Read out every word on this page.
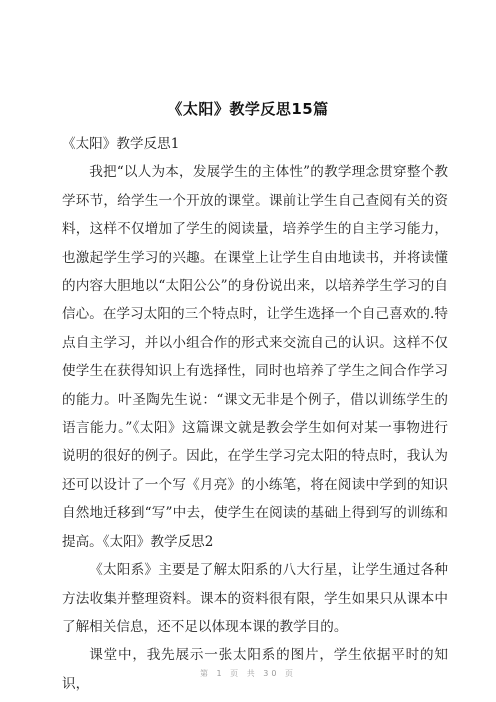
《太阳》教学反思15篇

《太阳》教学反思1

我把“以人为本，发展学生的主体性”的教学理念贯穿整个教学环节，给学生一个开放的课堂。课前让学生自己查阅有关的资料，这样不仅增加了学生的阅读量，培养学生的自主学习能力，也激起学生学习的兴趣。在课堂上让学生自由地读书，并将读懂的内容大胆地以“太阳公公”的身份说出来，以培养学生学习的自信心。在学习太阳的三个特点时，让学生选择一个自己喜欢的.特点自主学习，并以小组合作的形式来交流自己的认识。这样不仅使学生在获得知识上有选择性，同时也培养了学生之间合作学习的能力。叶圣陶先生说：“课文无非是个例子，借以训练学生的语言能力。”《太阳》这篇课文就是教会学生如何对某一事物进行说明的很好的例子。因此，在学生学习完太阳的特点时，我认为还可以设计了一个写《月亮》的小练笔，将在阅读中学到的知识自然地迁移到“写”中去，使学生在阅读的基础上得到写的训练和提高。《太阳》教学反思2

《太阳系》主要是了解太阳系的八大行星，让学生通过各种方法收集并整理资料。课本的资料很有限，学生如果只从课本中了解相关信息，还不足以体现本课的教学目的。

课堂中，我先展示一张太阳系的图片，学生依据平时的知识，

第 1 页 共 30 页
